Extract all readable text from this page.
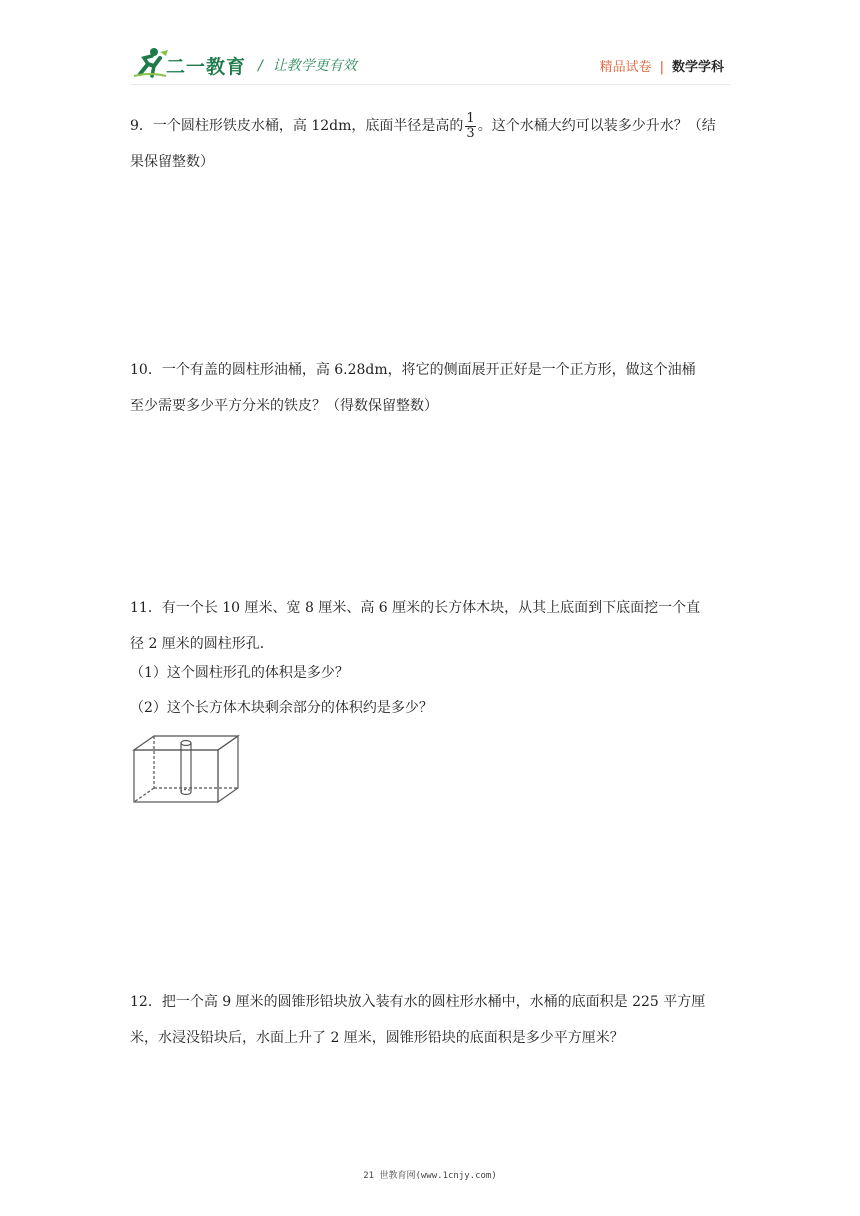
二一教育 / 让教学更有效	精品试卷 | 数学学科

9．一个圆柱形铁皮水桶，高 12dm，底面半径是高的 $\frac{1}{3}$ 。这个水桶大约可以装多少升水？（结

果保留整数）

10．一个有盖的圆柱形油桶，高 6.28dm，将它的侧面展开正好是一个正方形，做这个油桶

至少需要多少平方分米的铁皮？（得数保留整数）

11．有一个长 10 厘米、宽 8 厘米、高 6 厘米的长方体木块，从其上底面到下底面挖一个直

径 2 厘米的圆柱形孔．

（1）这个圆柱形孔的体积是多少？
（2）这个长方体木块剩余部分的体积约是多少？

12．把一个高 9 厘米的圆锥形铅块放入装有水的圆柱形水桶中，水桶的底面积是 225 平方厘

米，水浸没铅块后，水面上升了 2 厘米，圆锥形铅块的底面积是多少平方厘米？

21 世教育网(www.1cnjy.com)
